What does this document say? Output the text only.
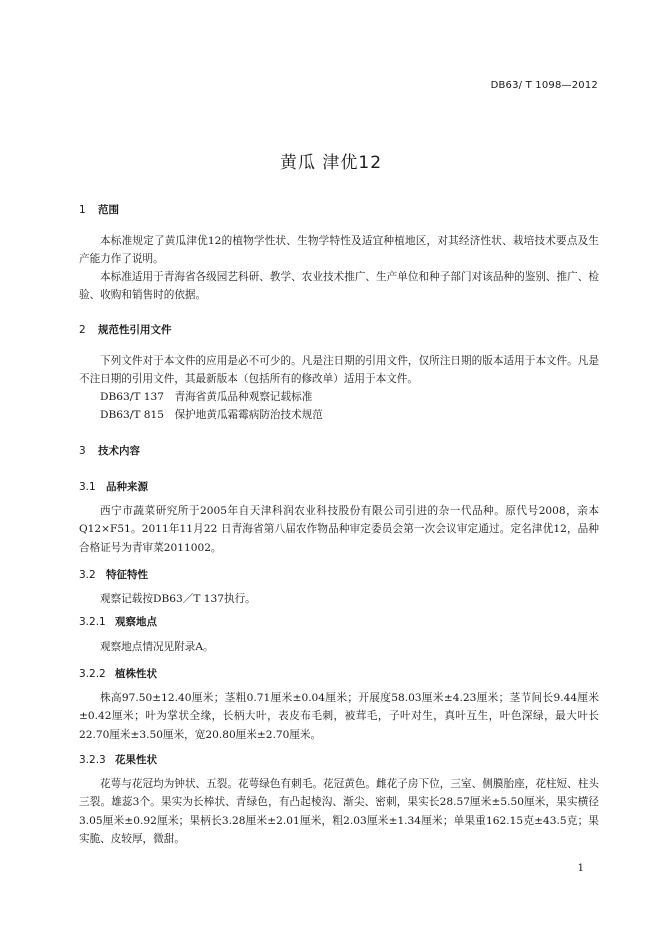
DB63/ T 1098—2012
黄瓜 津优12
1 范围
本标准规定了黄瓜津优12的植物学性状、生物学特性及适宜种植地区，对其经济性状、栽培技术要点及生产能力作了说明。
本标准适用于青海省各级园艺科研、教学、农业技术推广、生产单位和种子部门对该品种的鉴别、推广、检验、收购和销售时的依据。
2 规范性引用文件
下列文件对于本文件的应用是必不可少的。凡是注日期的引用文件，仅所注日期的版本适用于本文件。凡是不注日期的引用文件，其最新版本（包括所有的修改单）适用于本文件。
DB63/T 137　青海省黄瓜品种观察记载标准
DB63/T 815　保护地黄瓜霜霉病防治技术规范
3 技术内容
3.1 品种来源
西宁市蔬菜研究所于2005年自天津科润农业科技股份有限公司引进的杂一代品种。原代号2008，亲本Q12×F51。2011年11月22 日青海省第八届农作物品种审定委员会第一次会议审定通过。定名津优12，品种合格证号为青审菜2011002。
3.2 特征特性
观察记载按DB63／T 137执行。
3.2.1 观察地点
观察地点情况见附录A。
3.2.2 植株性状
株高97.50±12.40厘米；茎粗0.71厘米±0.04厘米；开展度58.03厘米±4.23厘米；茎节间长9.44厘米±0.42厘米；叶为掌状全缘，长柄大叶，表皮布毛刺，被茸毛，子叶对生，真叶互生，叶色深绿，最大叶长22.70厘米±3.50厘米，宽20.80厘米±2.70厘米。
3.2.3 花果性状
花萼与花冠均为钟状、五裂。花萼绿色有刺毛。花冠黄色。雌花子房下位，三室、侧膜胎座，花柱短、柱头三裂。雄蕊3个。果实为长棒状、青绿色，有凸起棱沟、渐尖、密刺，果实长28.57厘米±5.50厘米，果实横径3.05厘米±0.92厘米；果柄长3.28厘米±2.01厘米，粗2.03厘米±1.34厘米；单果重162.15克±43.5克；果实脆、皮较厚，微甜。
1
